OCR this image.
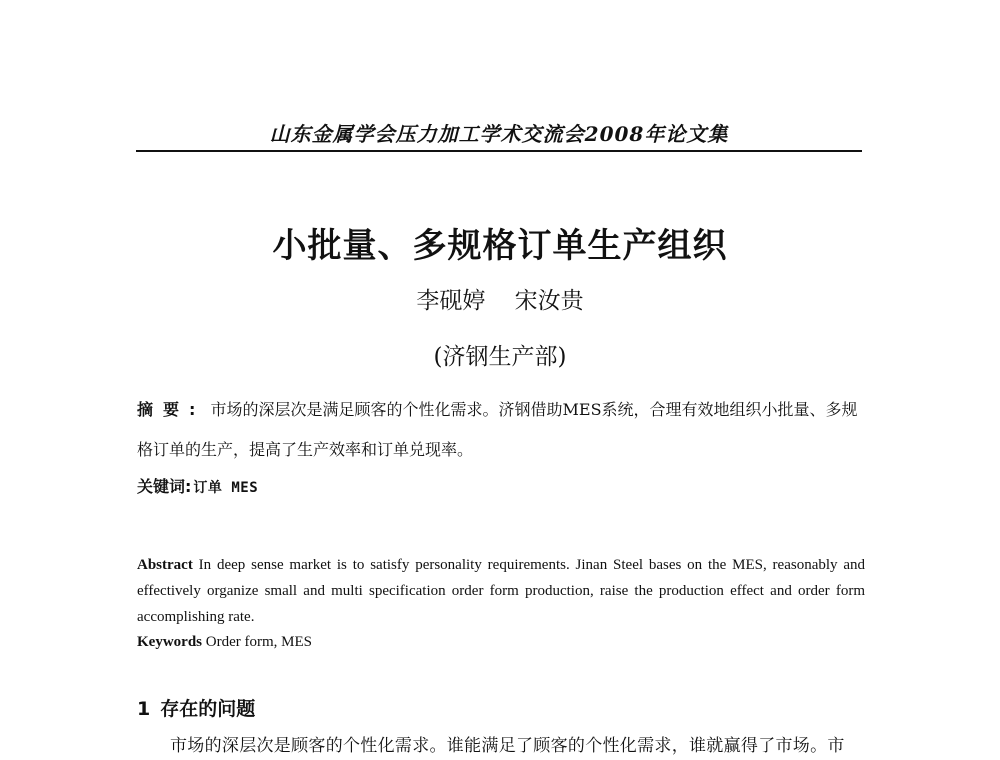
山东金属学会压力加工学术交流会2008年论文集
小批量、多规格订单生产组织
李砚婷 宋汝贵
(济钢生产部)
摘要: 市场的深层次是满足顾客的个性化需求。济钢借助MES系统，合理有效地组织小批量、多规格订单的生产，提高了生产效率和订单兑现率。
关键词: 订单 MES
Abstract In deep sense market is to satisfy personality requirements. Jinan Steel bases on the MES, reasonably and effectively organize small and multi specification order form production, raise the production effect and order form accomplishing rate.
Keywords Order form, MES
1 存在的问题
市场的深层次是顾客的个性化需求。谁能满足了顾客的个性化需求，谁就赢得了市场。市
